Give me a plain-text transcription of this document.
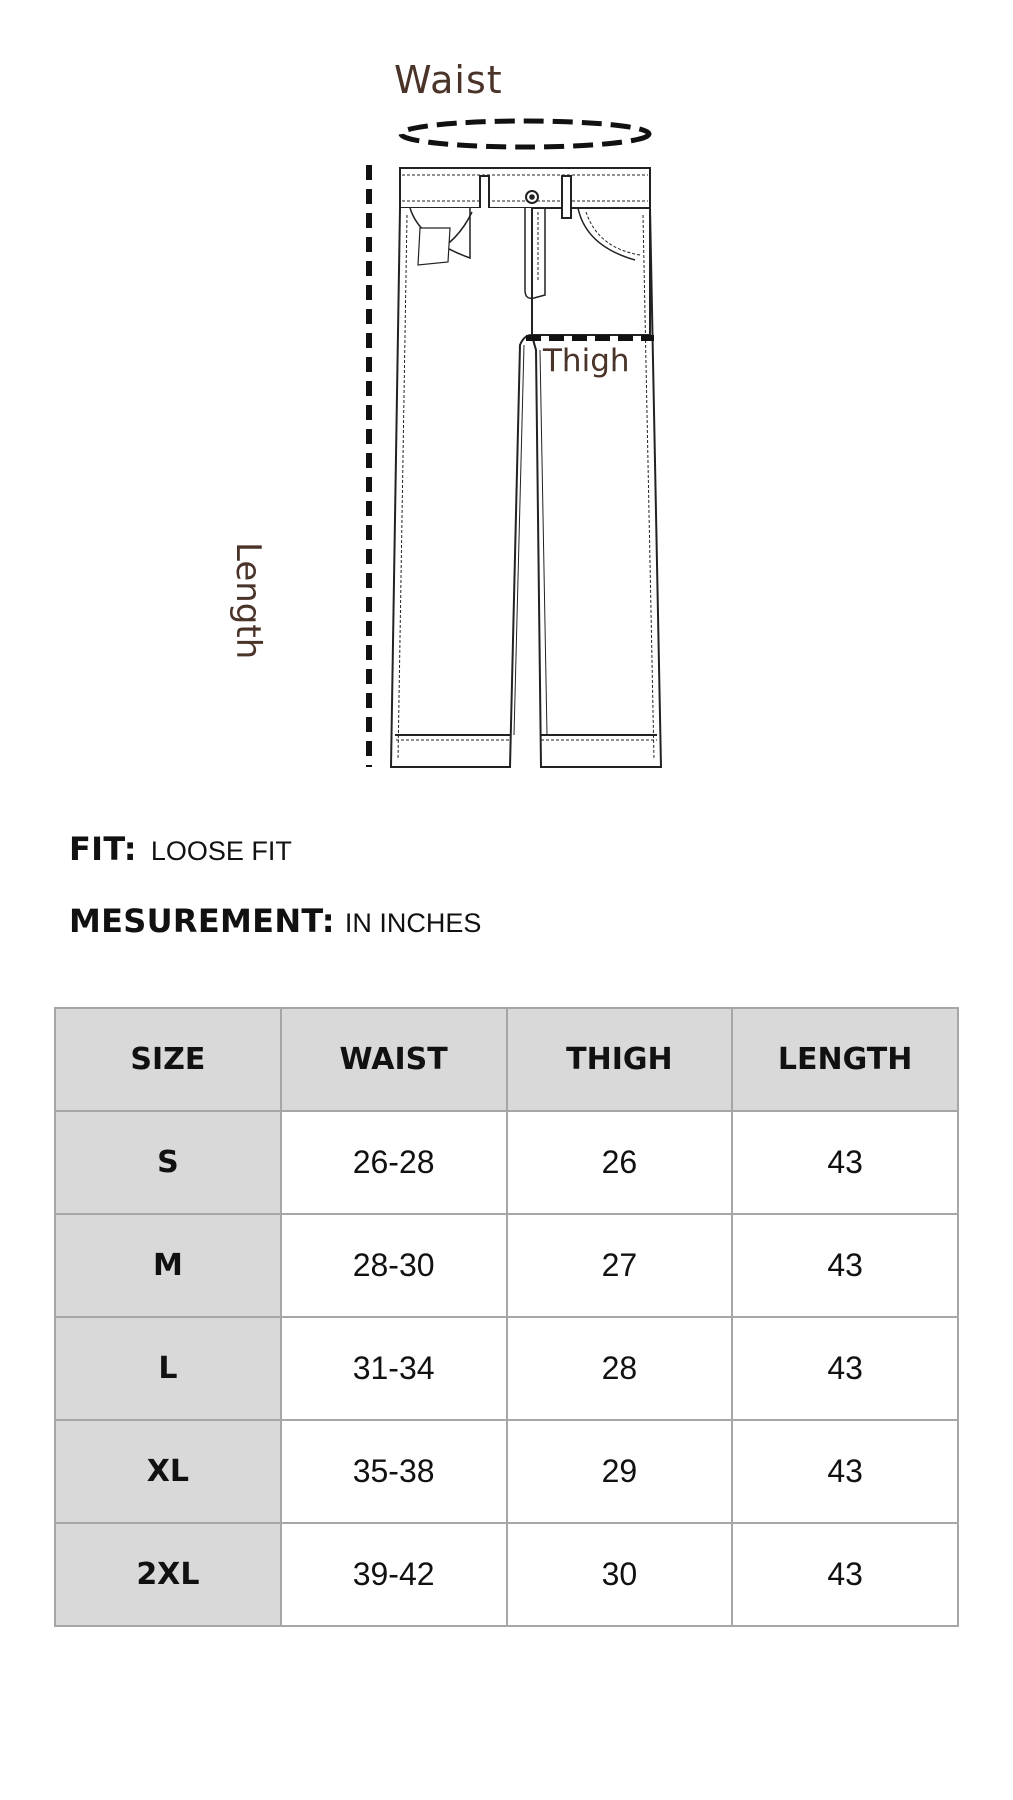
Waist
Thigh
Length
FIT: LOOSE FIT
MESUREMENT: IN INCHES
SIZE	WAIST	THIGH	LENGTH
S	26-28	26	43
M	28-30	27	43
L	31-34	28	43
XL	35-38	29	43
2XL	39-42	30	43
